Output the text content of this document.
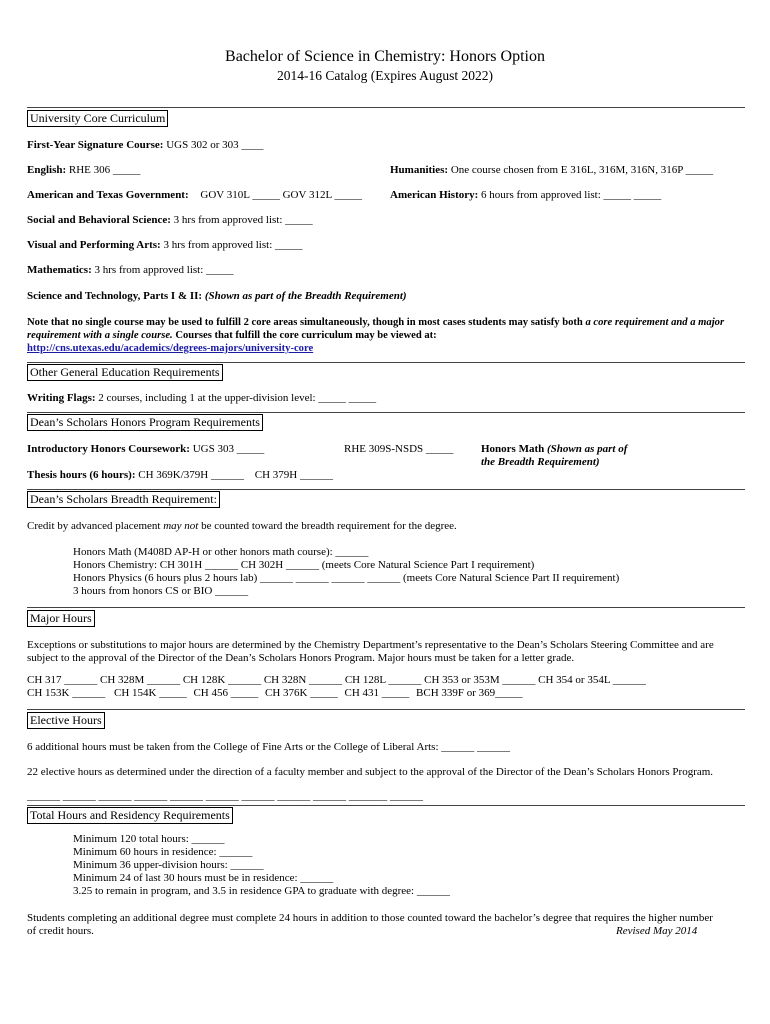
Bachelor of Science in Chemistry: Honors Option
2014-16 Catalog (Expires August 2022)
University Core Curriculum
First-Year Signature Course: UGS 302 or 303 ____
English: RHE 306 _____	Humanities: One course chosen from E 316L, 316M, 316N, 316P _____
American and Texas Government: GOV 310L _____ GOV 312L _____	American History: 6 hours from approved list: _____ _____
Social and Behavioral Science: 3 hrs from approved list: _____
Visual and Performing Arts: 3 hrs from approved list: _____
Mathematics: 3 hrs from approved list: _____
Science and Technology, Parts I & II: (Shown as part of the Breadth Requirement)
Note that no single course may be used to fulfill 2 core areas simultaneously, though in most cases students may satisfy both a core requirement and a major requirement with a single course. Courses that fulfill the core curriculum may be viewed at:
http://cns.utexas.edu/academics/degrees-majors/university-core
Other General Education Requirements
Writing Flags: 2 courses, including 1 at the upper-division level: _____ _____
Dean’s Scholars Honors Program Requirements
Introductory Honors Coursework: UGS 303 _____	RHE 309S-NSDS _____	Honors Math (Shown as part of the Breadth Requirement)
Thesis hours (6 hours): CH 369K/379H ______ CH 379H ______
Dean’s Scholars Breadth Requirement:
Credit by advanced placement may not be counted toward the breadth requirement for the degree.
Honors Math (M408D AP-H or other honors math course): ______
Honors Chemistry: CH 301H ______ CH 302H ______ (meets Core Natural Science Part I requirement)
Honors Physics (6 hours plus 2 hours lab) ______ ______ ______ ______ (meets Core Natural Science Part II requirement)
3 hours from honors CS or BIO ______
Major Hours
Exceptions or substitutions to major hours are determined by the Chemistry Department’s representative to the Dean’s Scholars Steering Committee and are subject to the approval of the Director of the Dean’s Scholars Honors Program. Major hours must be taken for a letter grade.
CH 317 ______ CH 328M ______ CH 128K ______ CH 328N ______ CH 128L ______ CH 353 or 353M ______ CH 354 or 354L ______
CH 153K ______ CH 154K _____ CH 456 _____ CH 376K _____ CH 431 _____ BCH 339F or 369_____
Elective Hours
6 additional hours must be taken from the College of Fine Arts or the College of Liberal Arts: ______ ______
22 elective hours as determined under the direction of a faculty member and subject to the approval of the Director of the Dean’s Scholars Honors Program.
______ ______ ______ ______ ______ ______ ______ ______ ______ _______ ______
Total Hours and Residency Requirements
Minimum 120 total hours: ______
Minimum 60 hours in residence: ______
Minimum 36 upper-division hours: ______
Minimum 24 of last 30 hours must be in residence: ______
3.25 to remain in program, and 3.5 in residence GPA to graduate with degree: ______
Students completing an additional degree must complete 24 hours in addition to those counted toward the bachelor’s degree that requires the higher number
of credit hours.	Revised May 2014
